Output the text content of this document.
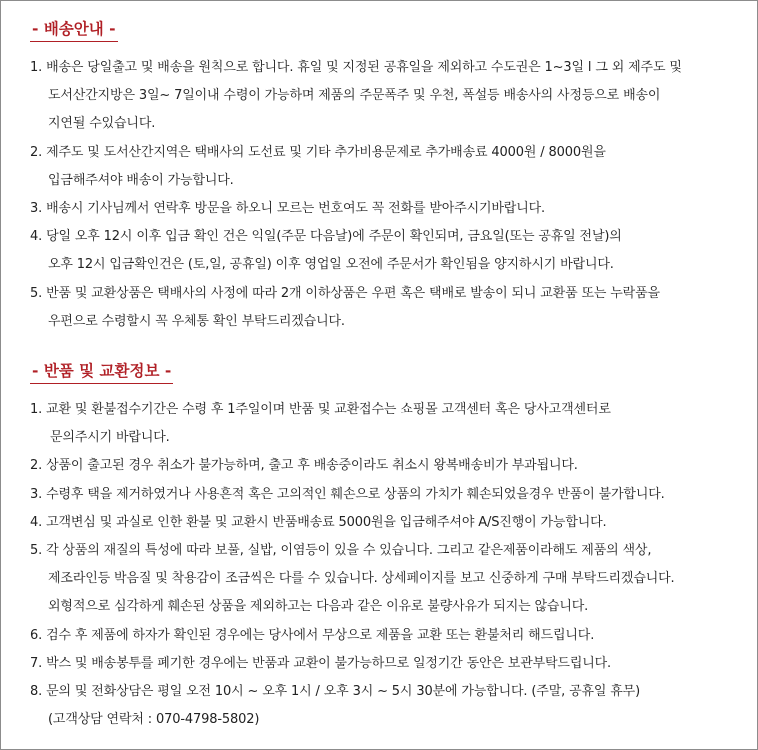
- 배송안내 -
1. 배송은 당일출고 및 배송을 원칙으로 합니다. 휴일 및 지정된 공휴일을 제외하고 수도권은 1~3일 l 그 외 제주도 및
도서산간지방은 3일~ 7일이내 수령이 가능하며 제품의 주문폭주 및 우천, 폭설등 배송사의 사정등으로 배송이
지연될 수있습니다.
2. 제주도 및 도서산간지역은 택배사의 도선료 및 기타 추가비용문제로 추가배송료 4000원 / 8000원을
입금해주셔야 배송이 가능합니다.
3. 배송시 기사님께서 연락후 방문을 하오니 모르는 번호여도 꼭 전화를 받아주시기바랍니다.
4. 당일 오후 12시 이후 입금 확인 건은 익일(주문 다음날)에 주문이 확인되며, 금요일(또는 공휴일 전날)의
오후 12시 입금확인건은 (토,일, 공휴일) 이후 영업일 오전에 주문서가 확인됨을 양지하시기 바랍니다.
5. 반품 및 교환상품은 택배사의 사정에 따라 2개 이하상품은 우편 혹은 택배로 발송이 되니 교환품 또는 누락품을
우편으로 수령할시 꼭 우체통 확인 부탁드리겠습니다.
- 반품 및 교환정보 -
1. 교환 및 환불접수기간은 수령 후 1주일이며 반품 및 교환접수는 쇼핑몰 고객센터 혹은 당사고객센터로
문의주시기 바랍니다.
2. 상품이 출고된 경우 취소가 불가능하며, 출고 후 배송중이라도 취소시 왕복배송비가 부과됩니다.
3. 수령후 택을 제거하였거나 사용흔적 혹은 고의적인 훼손으로 상품의 가치가 훼손되었을경우 반품이 불가합니다.
4. 고객변심 및 과실로 인한 환불 및 교환시 반품배송료 5000원을 입금해주셔야 A/S진행이 가능합니다.
5. 각 상품의 재질의 특성에 따라 보풀, 실밥, 이염등이 있을 수 있습니다. 그리고 같은제품이라해도 제품의 색상,
제조라인등 박음질 및 착용감이 조금씩은 다를 수 있습니다. 상세페이지를 보고 신중하게 구매 부탁드리겠습니다.
외형적으로 심각하게 훼손된 상품을 제외하고는 다음과 같은 이유로 불량사유가 되지는 않습니다.
6. 검수 후 제품에 하자가 확인된 경우에는 당사에서 무상으로 제품을 교환 또는 환불처리 해드립니다.
7. 박스 및 배송봉투를 폐기한 경우에는 반품과 교환이 불가능하므로 일정기간 동안은 보관부탁드립니다.
8. 문의 및 전화상담은 평일 오전 10시 ~ 오후 1시 / 오후 3시 ~ 5시 30분에 가능합니다. (주말, 공휴일 휴무)
(고객상담 연락처 : 070-4798-5802)
